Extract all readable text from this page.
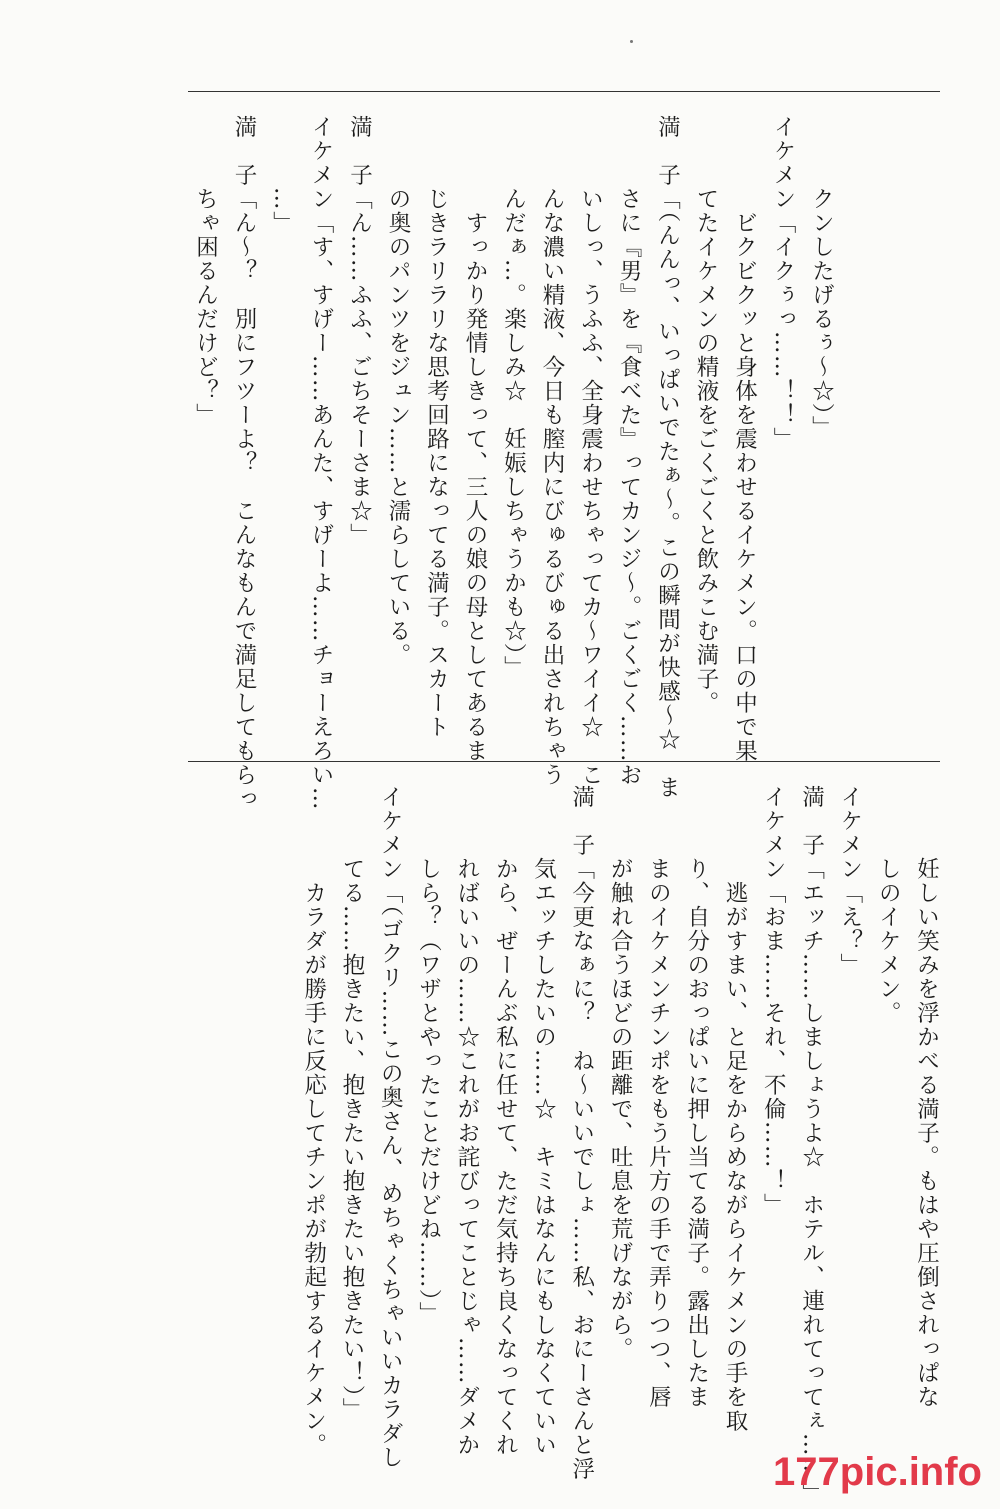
　　　クンしたげるぅ～☆）」
イケメン「イクぅっ……！！」
　　　　ビクビクッと身体を震わせるイケメン。口の中で果
　　　てたイケメンの精液をごくごくと飲みこむ満子。
満　子「（んんっ、いっぱいでたぁ～。この瞬間が快感～☆　ま
　　　さに『男』を『食べた』ってカンジ～。ごくごく……お
　　　いしっ、うふふ、全身震わせちゃってカ～ワイイ☆　こ
　　　んな濃い精液、今日も膣内にびゅるびゅる出されちゃう
　　　んだぁ…。楽しみ☆　妊娠しちゃうかも☆）」
　　　　すっかり発情しきって、三人の娘の母としてあるま
　　　じきラリラリな思考回路になってる満子。スカート
　　　の奥のパンツをジュン……と濡らしている。
満　子「ん……ふふ、ごちそーさま☆」
イケメン「す、すげー……あんた、すげーよ……チョーえろい…
　　　…」
満　子「ん～？　別にフツーよ？　こんなもんで満足してもらっ
　　　ちゃ困るんだけど？」
　　　妊しい笑みを浮かべる満子。もはや圧倒されっぱな
　　　しのイケメン。
イケメン「え？」
満　子「エッチ……しましょうよ☆　ホテル、連れてってぇ……」
イケメン「おま……それ、不倫……！」
　　　　逃がすまい、と足をからめながらイケメンの手を取
　　　り、自分のおっぱいに押し当てる満子。露出したま
　　　まのイケメンチンポをもう片方の手で弄りつつ、唇
　　　が触れ合うほどの距離で、吐息を荒げながら。
満　子「今更なぁに？　ね～いいでしょ……私、おにーさんと浮
　　　気エッチしたいの……☆　キミはなんにもしなくていい
　　　から、ぜーんぶ私に任せて、ただ気持ち良くなってくれ
　　　ればいいの……☆これがお詫びってことじゃ……ダメか
　　　しら？（ワザとやったことだけどね……）」
イケメン「（ゴクリ……この奥さん、めちゃくちゃいいカラダし
　　　てる……抱きたい、抱きたい抱きたい抱きたい！）」
　　　　カラダが勝手に反応してチンポが勃起するイケメン。
177pic.info
